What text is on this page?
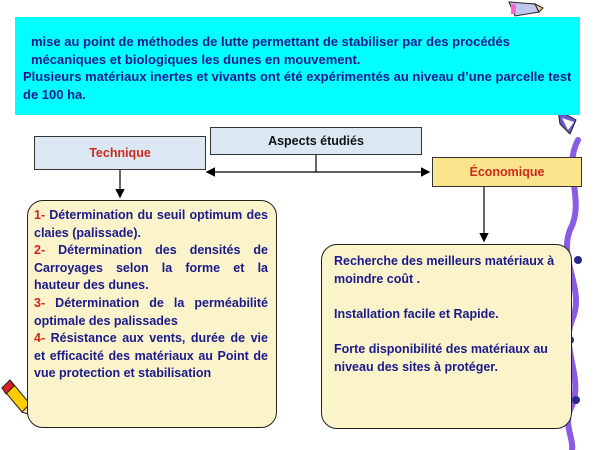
mise au point de méthodes de lutte permettant de stabiliser par des procédés mécaniques et biologiques les dunes en mouvement.
Plusieurs matériaux inertes et vivants ont été expérimentés au niveau d’une parcelle test de 100 ha.
Aspects étudiés
Technique
Économique

1- Détermination du seuil optimum des claies (palissade).

2- Détermination des densités de Carroyages selon la forme et la hauteur des dunes.

3- Détermination de la perméabilité optimale des palissades

4- Résistance aux vents, durée de vie et efficacité des matériaux au Point de vue protection et stabilisation

Recherche des meilleurs matériaux à moindre coût .

Installation facile et Rapide.

Forte disponibilité des matériaux au niveau des sites à protéger.
